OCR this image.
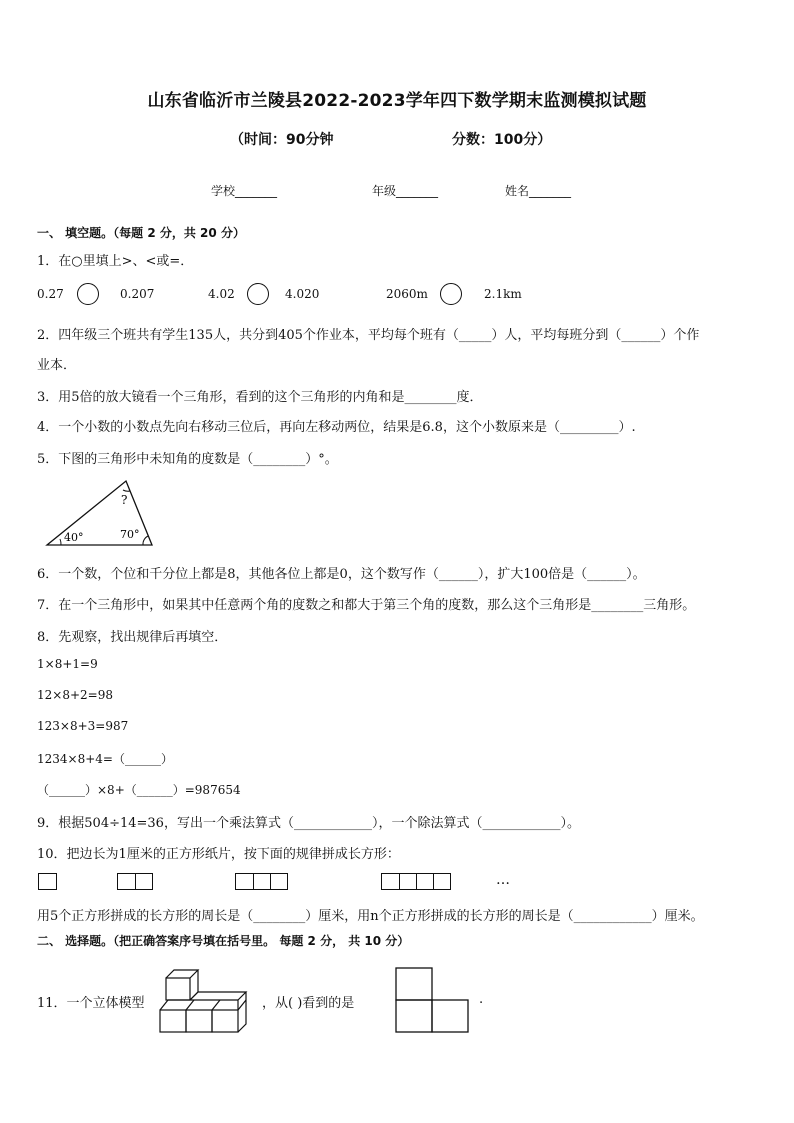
山东省临沂市兰陵县2022-2023学年四下数学期末监测模拟试题
（时间：90分钟	分数：100分）
学校_______	年级_______	姓名_______
一、 填空题。（每题 2 分，共 20 分）
1．在○里填上>、<或=．
0.27	0.207	4.02	4.020	2060m	2.1km
2．四年级三个班共有学生135人，共分到405个作业本，平均每个班有（_____）人，平均每班分到（______）个作
业本．
3．用5倍的放大镜看一个三角形，看到的这个三角形的内角和是________度．
4．一个小数的小数点先向右移动三位后，再向左移动两位，结果是6.8，这个小数原来是（_________）.
5．下图的三角形中未知角的度数是（________）°。
40°	70°
?
6．一个数，个位和千分位上都是8，其他各位上都是0，这个数写作（______），扩大100倍是（______）。
7．在一个三角形中，如果其中任意两个角的度数之和都大于第三个角的度数，那么这个三角形是________三角形。
8．先观察，找出规律后再填空．
1×8+1=9
12×8+2=98
123×8+3=987
1234×8+4=（______）
（______）×8+（______）=987654
9．根据504÷14=36，写出一个乘法算式（____________），一个除法算式（____________）。
10．把边长为1厘米的正方形纸片，按下面的规律拼成长方形：
…
用5个正方形拼成的长方形的周长是（________）厘米，用n个正方形拼成的长方形的周长是（____________）厘米。
二、 选择题。（把正确答案序号填在括号里。 每题 2 分， 共 10 分）
11．一个立体模型	，从( )看到的是	.
